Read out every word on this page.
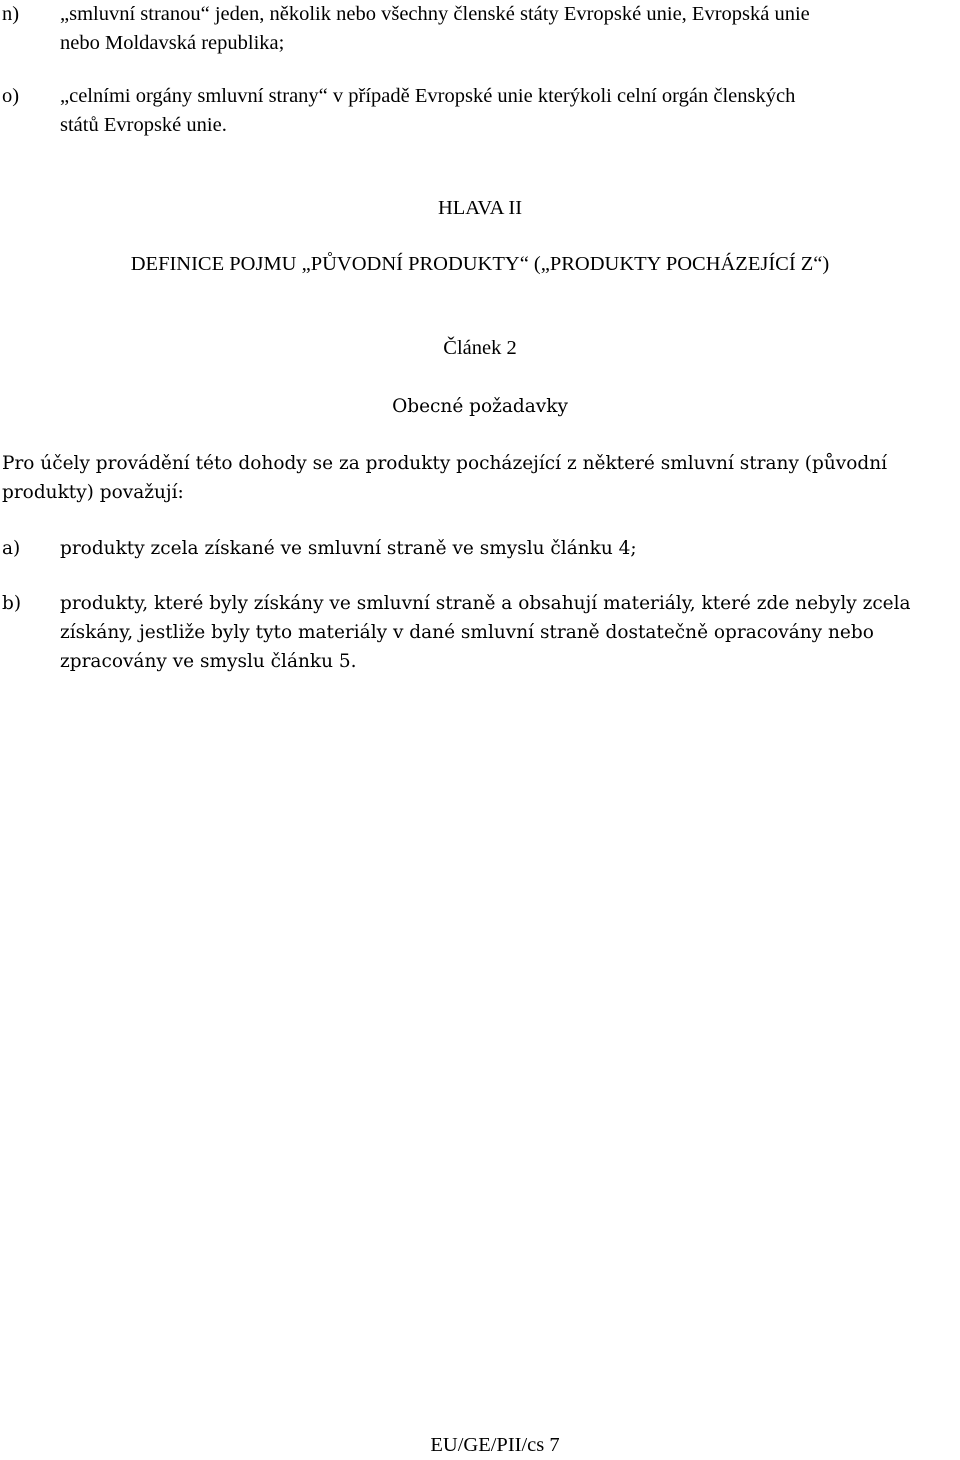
n) „smluvní stranou“ jeden, několik nebo všechny členské státy Evropské unie, Evropská unie
nebo Moldavská republika;
o) „celními orgány smluvní strany“ v případě Evropské unie kterýkoli celní orgán členských
států Evropské unie.
HLAVA II
DEFINICE POJMU „PŮVODNÍ PRODUKTY“ („PRODUKTY POCHÁZEJÍCÍ Z“)
Článek 2
Obecné požadavky
Pro účely provádění této dohody se za produkty pocházející z některé smluvní strany (původní
produkty) považují:
a) produkty zcela získané ve smluvní straně ve smyslu článku 4;
b) produkty, které byly získány ve smluvní straně a obsahují materiály, které zde nebyly zcela
získány, jestliže byly tyto materiály v dané smluvní straně dostatečně opracovány nebo
zpracovány ve smyslu článku 5.
EU/GE/PII/cs 7
